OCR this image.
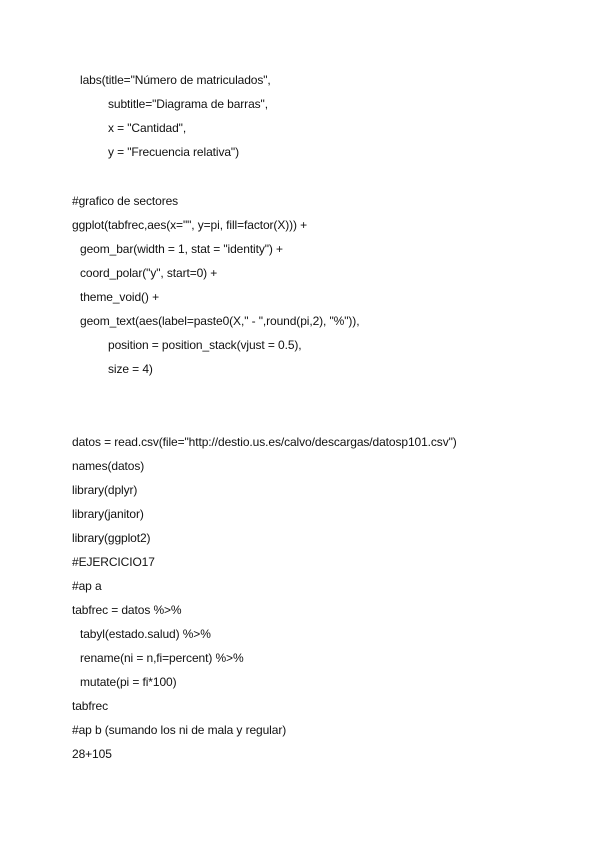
labs(title="Número de matriculados",
subtitle="Diagrama de barras",
x = "Cantidad",
y = "Frecuencia relativa")
#grafico de sectores
ggplot(tabfrec,aes(x="", y=pi, fill=factor(X))) +
geom_bar(width = 1, stat = "identity") +
coord_polar("y", start=0) +
theme_void() +
geom_text(aes(label=paste0(X," - ",round(pi,2), "%")),
position = position_stack(vjust = 0.5),
size = 4)
datos = read.csv(file="http://destio.us.es/calvo/descargas/datosp101.csv")
names(datos)
library(dplyr)
library(janitor)
library(ggplot2)
#EJERCICIO17
#ap a
tabfrec = datos %>%
tabyl(estado.salud) %>%
rename(ni = n,fi=percent) %>%
mutate(pi = fi*100)
tabfrec
#ap b (sumando los ni de mala y regular)
28+105
